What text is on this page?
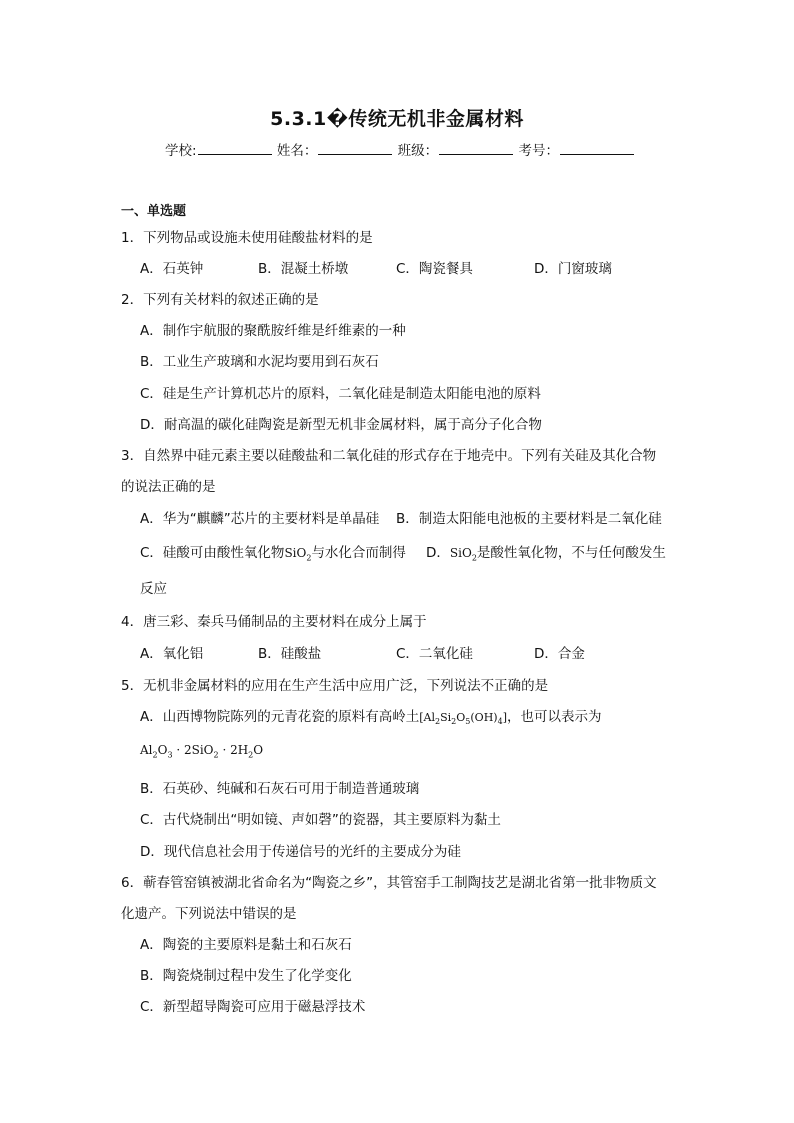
5.3.1�传统无机非金属材料
学校:	姓名：	班级：	考号：
一、单选题
1．下列物品或设施未使用硅酸盐材料的是
A．石英钟	B．混凝土桥墩	C．陶瓷餐具	D．门窗玻璃
2．下列有关材料的叙述正确的是
A．制作宇航服的聚酰胺纤维是纤维素的一种
B．工业生产玻璃和水泥均要用到石灰石
C．硅是生产计算机芯片的原料，二氧化硅是制造太阳能电池的原料
D．耐高温的碳化硅陶瓷是新型无机非金属材料，属于高分子化合物
3．自然界中硅元素主要以硅酸盐和二氧化硅的形式存在于地壳中。下列有关硅及其化合物
的说法正确的是
A．华为“麒麟”芯片的主要材料是单晶硅 B．制造太阳能电池板的主要材料是二氧化硅
C．硅酸可由酸性氧化物SiO$_2$与水化合而制得 D．SiO$_2$是酸性氧化物，不与任何酸发生
反应
4．唐三彩、秦兵马俑制品的主要材料在成分上属于
A．氧化铝	B．硅酸盐	C．二氧化硅	D．合金
5．无机非金属材料的应用在生产生活中应用广泛，下列说法不正确的是
A．山西博物院陈列的元青花瓷的原料有高岭土$[Al_2Si_2O_5(OH)_4]$，也可以表示为
$Al_2O_3 \cdot 2SiO_2 \cdot 2H_2O$
B．石英砂、纯碱和石灰石可用于制造普通玻璃
C．古代烧制出“明如镜、声如磬”的瓷器，其主要原料为黏土
D．现代信息社会用于传递信号的光纤的主要成分为硅
6．蕲春管窑镇被湖北省命名为“陶瓷之乡”，其管窑手工制陶技艺是湖北省第一批非物质文
化遗产。下列说法中错误的是
A．陶瓷的主要原料是黏土和石灰石
B．陶瓷烧制过程中发生了化学变化
C．新型超导陶瓷可应用于磁悬浮技术
